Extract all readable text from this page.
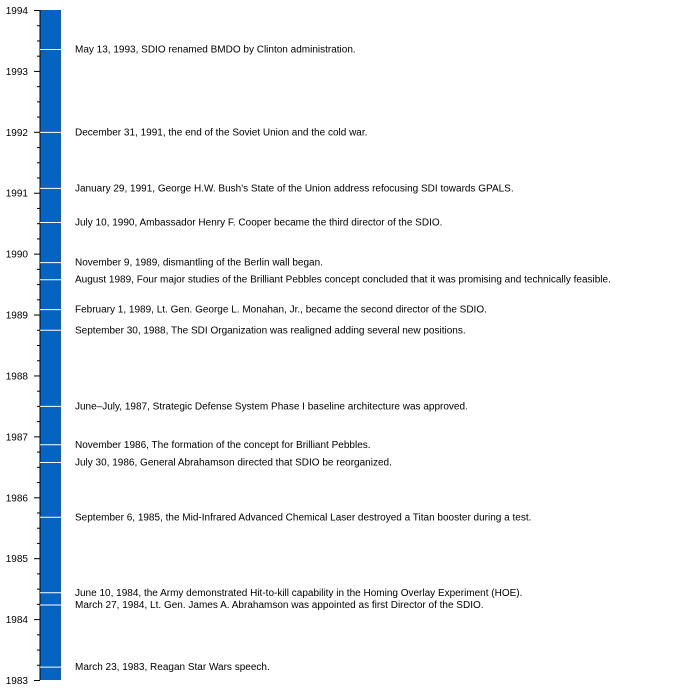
1983
1984
1985
1986
1987
1988
1989
1990
1991
1992
1993
1994
May 13, 1993, SDIO renamed BMDO by Clinton administration.
December 31, 1991, the end of the Soviet Union and the cold war.
January 29, 1991, George H.W. Bush's State of the Union address refocusing SDI towards GPALS.
July 10, 1990, Ambassador Henry F. Cooper became the third director of the SDIO.
November 9, 1989, dismantling of the Berlin wall began.
August 1989, Four major studies of the Brilliant Pebbles concept concluded that it was promising and technically feasible.
February 1, 1989, Lt. Gen. George L. Monahan, Jr., became the second director of the SDIO.
September 30, 1988, The SDI Organization was realigned adding several new positions.
June–July, 1987, Strategic Defense System Phase I baseline architecture was approved.
November 1986, The formation of the concept for Brilliant Pebbles.
July 30, 1986, General Abrahamson directed that SDIO be reorganized.
September 6, 1985, the Mid-Infrared Advanced Chemical Laser destroyed a Titan booster during a test.
June 10, 1984, the Army demonstrated Hit-to-kill capability in the Homing Overlay Experiment (HOE).
March 27, 1984, Lt. Gen. James A. Abrahamson was appointed as first Director of the SDIO.
March 23, 1983, Reagan Star Wars speech.
